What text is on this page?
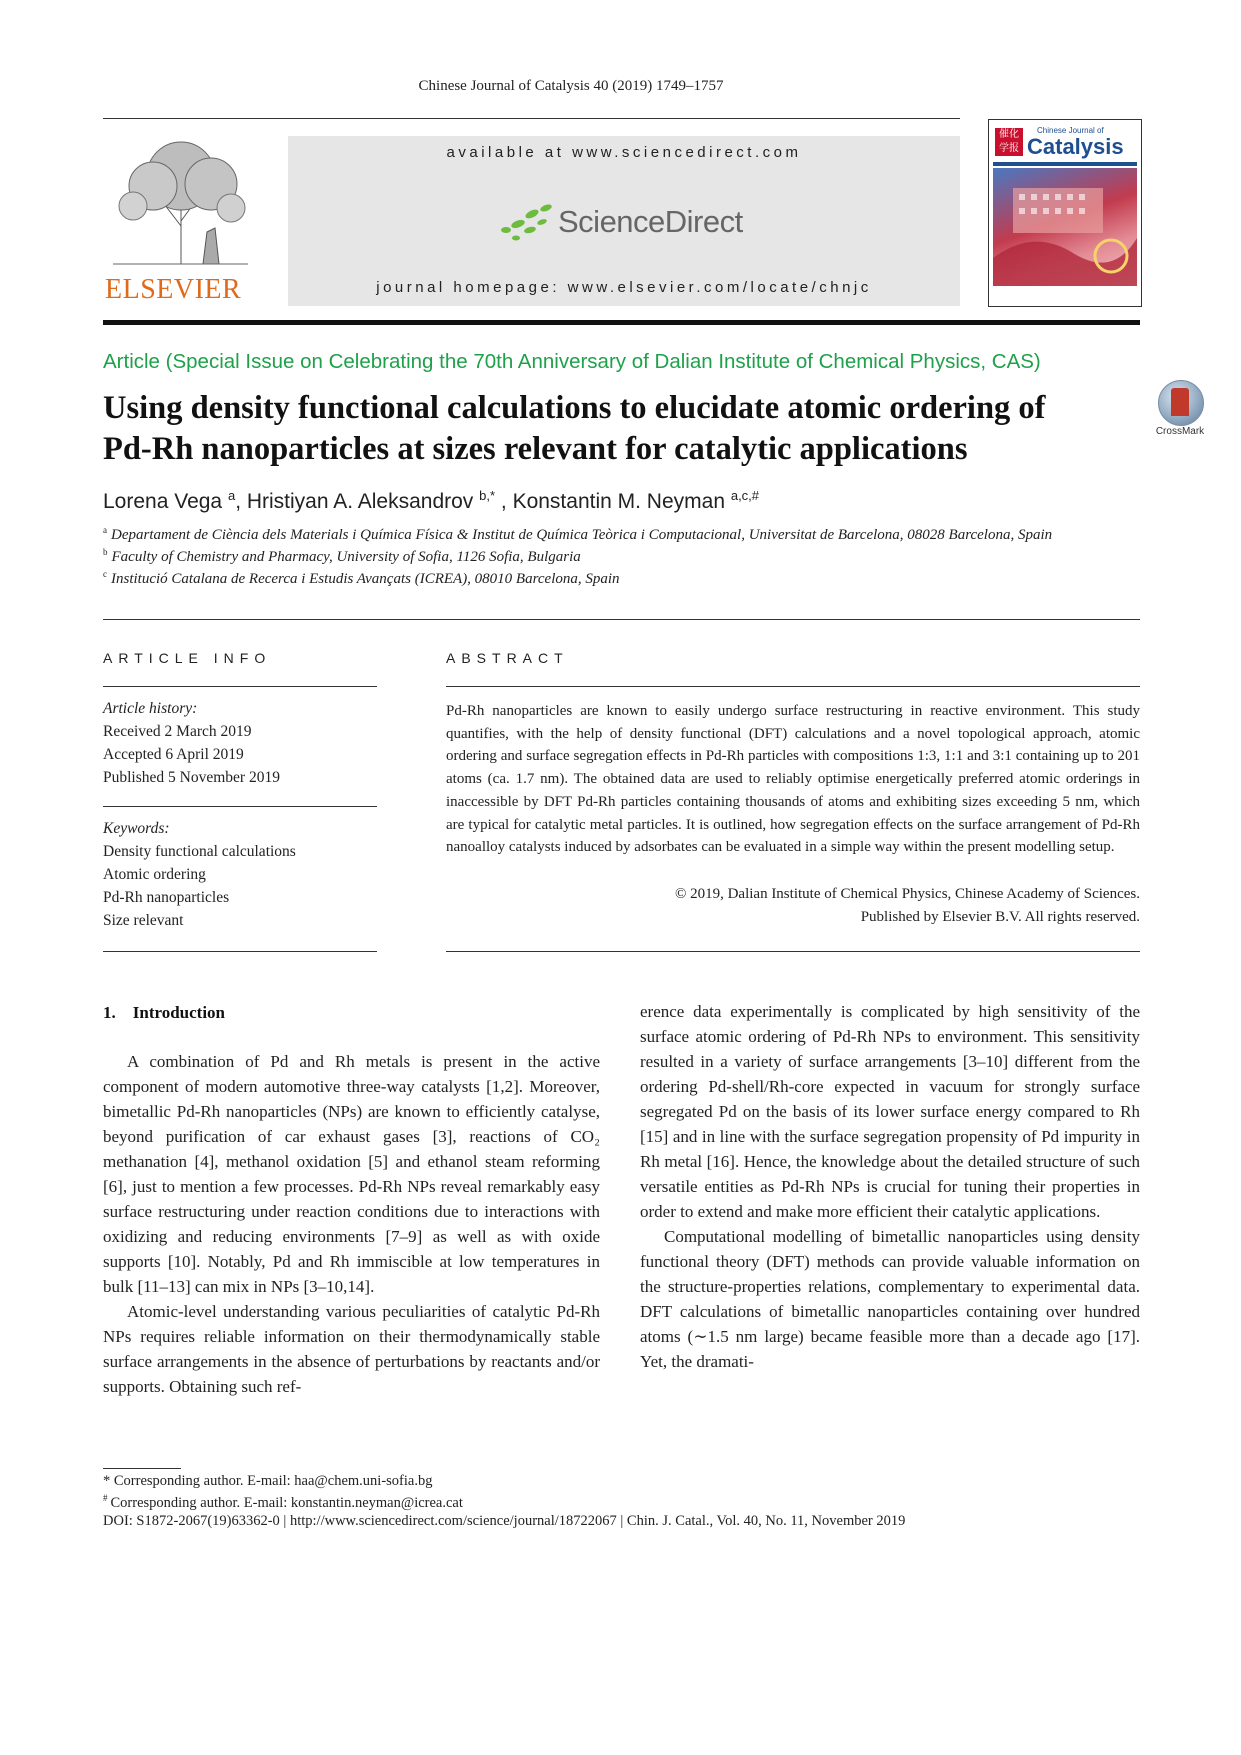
Chinese Journal of Catalysis 40 (2019) 1749–1757
ELSEVIER
available at www.sciencedirect.com
ScienceDirect
journal homepage: www.elsevier.com/locate/chnjc
催化学报
Chinese Journal of
Catalysis
Article (Special Issue on Celebrating the 70th Anniversary of Dalian Institute of Chemical Physics, CAS)
Using density functional calculations to elucidate atomic ordering of
Pd-Rh nanoparticles at sizes relevant for catalytic applications	CrossMark
Lorena Vega $^a$, Hristiyan A. Aleksandrov $^{b,*}$ , Konstantin M. Neyman $^{a,c,\#}$
$^a$ Departament de Ciència dels Materials i Química Física & Institut de Química Teòrica i Computacional, Universitat de Barcelona, 08028 Barcelona, Spain
$^b$ Faculty of Chemistry and Pharmacy, University of Sofia, 1126 Sofia, Bulgaria
$^c$ Institució Catalana de Recerca i Estudis Avançats (ICREA), 08010 Barcelona, Spain
ARTICLE INFO
Article history:
Received 2 March 2019
Accepted 6 April 2019
Published 5 November 2019
Keywords:
Density functional calculations
Atomic ordering
Pd-Rh nanoparticles
Size relevant
ABSTRACT
Pd-Rh nanoparticles are known to easily undergo surface restructuring in reactive environment. This study quantifies, with the help of density functional (DFT) calculations and a novel topological approach, atomic ordering and surface segregation effects in Pd-Rh particles with compositions 1:3, 1:1 and 3:1 containing up to 201 atoms (ca. 1.7 nm). The obtained data are used to reliably optimise energetically preferred atomic orderings in inaccessible by DFT Pd-Rh particles containing thousands of atoms and exhibiting sizes exceeding 5 nm, which are typical for catalytic metal particles. It is outlined, how segregation effects on the surface arrangement of Pd-Rh nanoalloy catalysts induced by adsorbates can be evaluated in a simple way within the present modelling setup.
© 2019, Dalian Institute of Chemical Physics, Chinese Academy of Sciences.
Published by Elsevier B.V. All rights reserved.
1.    Introduction

A combination of Pd and Rh metals is present in the active component of modern automotive three-way catalysts [1,2]. Moreover, bimetallic Pd-Rh nanoparticles (NPs) are known to efficiently catalyse, beyond purification of car exhaust gases [3], reactions of CO₂ methanation [4], methanol oxidation [5] and ethanol steam reforming [6], just to mention a few processes. Pd-Rh NPs reveal remarkably easy surface restructuring under reaction conditions due to interactions with oxidizing and reducing environments [7–9] as well as with oxide supports [10]. Notably, Pd and Rh immiscible at low temperatures in bulk [11–13] can mix in NPs [3–10,14].

Atomic-level understanding various peculiarities of catalytic Pd-Rh NPs requires reliable information on their thermodynamically stable surface arrangements in the absence of perturbations by reactants and/or supports. Obtaining such ref-

erence data experimentally is complicated by high sensitivity of the surface atomic ordering of Pd-Rh NPs to environment. This sensitivity resulted in a variety of surface arrangements [3–10] different from the ordering Pd-shell/Rh-core expected in vacuum for strongly surface segregated Pd on the basis of its lower surface energy compared to Rh [15] and in line with the surface segregation propensity of Pd impurity in Rh metal [16]. Hence, the knowledge about the detailed structure of such versatile entities as Pd-Rh NPs is crucial for tuning their properties in order to extend and make more efficient their catalytic applications.

Computational modelling of bimetallic nanoparticles using density functional theory (DFT) methods can provide valuable information on the structure-properties relations, complementary to experimental data. DFT calculations of bimetallic nanoparticles containing over hundred atoms (∼1.5 nm large) became feasible more than a decade ago [17]. Yet, the dramati-

* Corresponding author. E-mail: haa@chem.uni-sofia.bg
# Corresponding author. E-mail: konstantin.neyman@icrea.cat
DOI: S1872-2067(19)63362-0 | http://www.sciencedirect.com/science/journal/18722067 | Chin. J. Catal., Vol. 40, No. 11, November 2019
